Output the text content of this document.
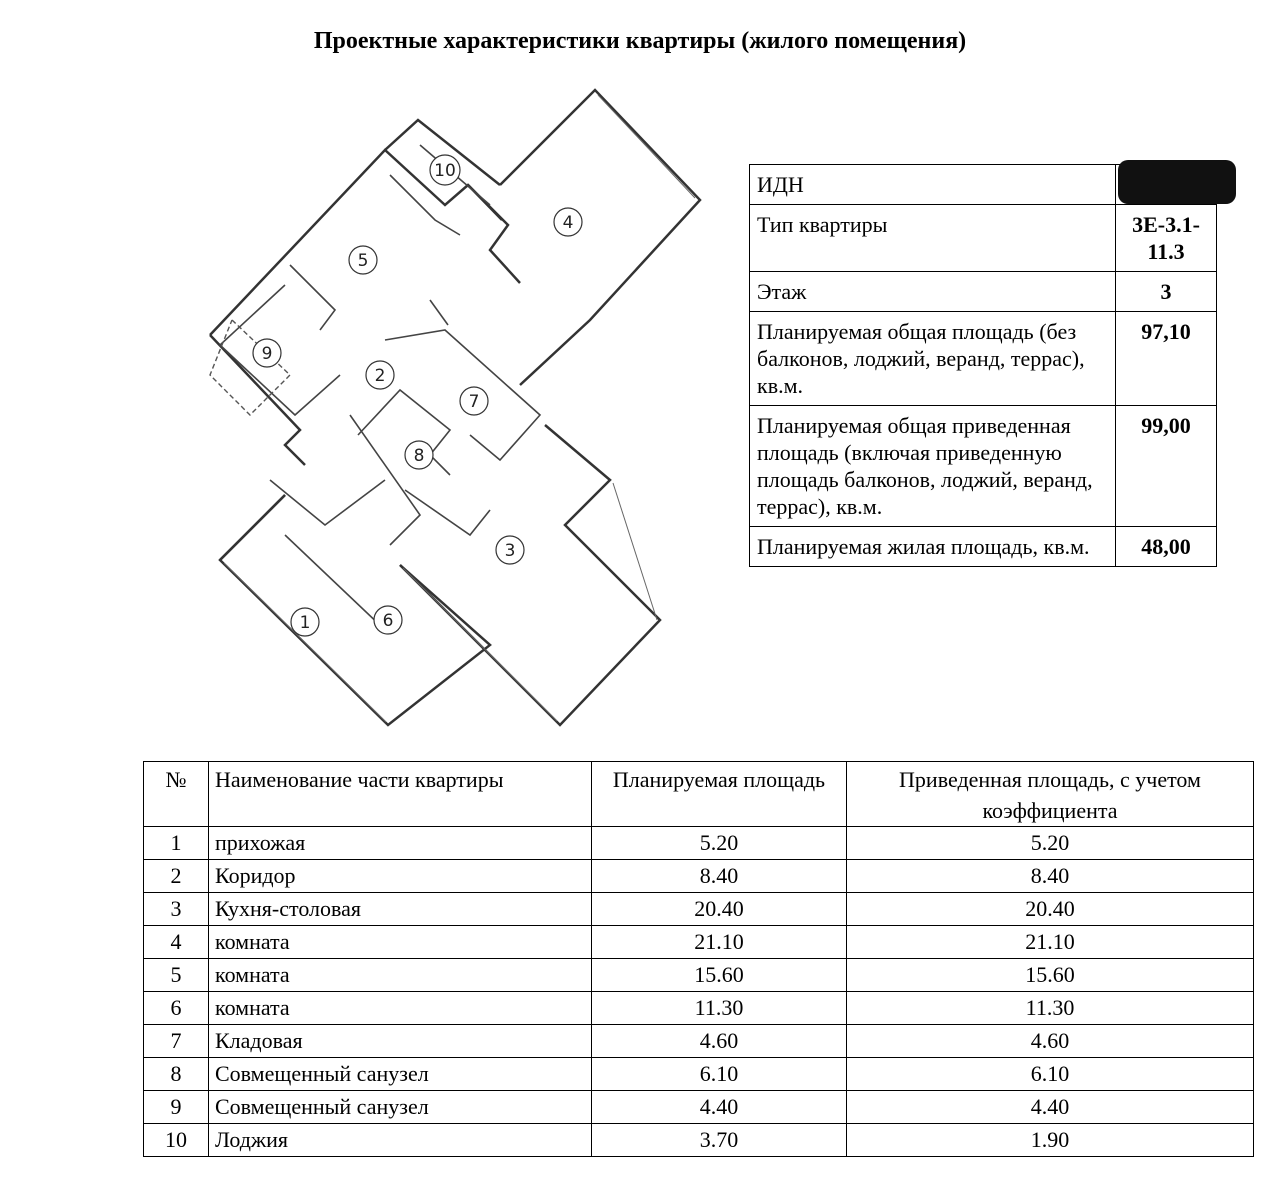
Проектные характеристики квартиры (жилого помещения)
1
2
3
4
5
6
7
8
9
10
ИДН	
Тип квартиры	3Е-3.1-11.3
Этаж	3
Планируемая общая площадь (без балконов, лоджий, веранд, террас), кв.м.	97,10
Планируемая общая приведенная площадь (включая приведенную площадь балконов, лоджий, веранд, террас), кв.м.	99,00
Планируемая жилая площадь, кв.м.	48,00
№	Наименование части квартиры	Планируемая площадь	Приведенная площадь, с учетом коэффициента
1	прихожая	5.20	5.20
2	Коридор	8.40	8.40
3	Кухня-столовая	20.40	20.40
4	комната	21.10	21.10
5	комната	15.60	15.60
6	комната	11.30	11.30
7	Кладовая	4.60	4.60
8	Совмещенный санузел	6.10	6.10
9	Совмещенный санузел	4.40	4.40
10	Лоджия	3.70	1.90
